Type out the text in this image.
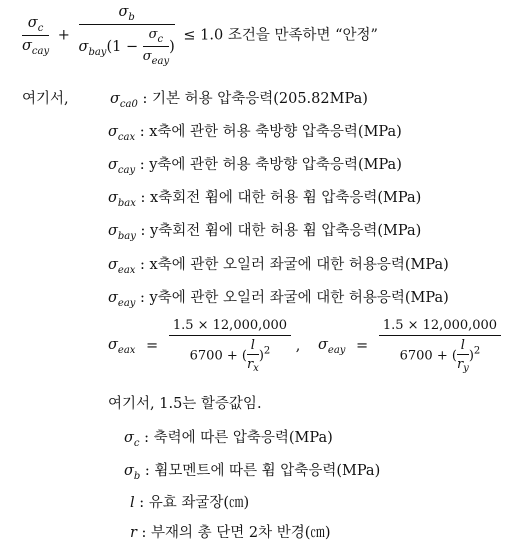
$\frac{\sigma_c}{\sigma_{cay}} + \frac{\sigma_b}{\sigma_{bay}(1 - \frac{\sigma_c}{\sigma_{eay}} )} \le 1.0$ 조건을 만족하면 “안정”
여기서,	$\sigma_{ca0}$ : 기본 허용 압축응력(205.82MPa)
$\sigma_{cax}$ : x축에 관한 허용 축방향 압축응력(MPa)
$\sigma_{cay}$ : y축에 관한 허용 축방향 압축응력(MPa)
$\sigma_{bax}$ : x축회전 휨에 대한 허용 휨 압축응력(MPa)
$\sigma_{bay}$ : y축회전 휨에 대한 허용 휨 압축응력(MPa)
$\sigma_{eax}$ : x축에 관한 오일러 좌굴에 대한 허용응력(MPa)
$\sigma_{eay}$ : y축에 관한 오일러 좌굴에 대한 허용응력(MPa)
$\sigma_{eax} = \frac{1.5 \times 12,000,000}{6700 + ( \frac{l}{r_x} )^2}$ , $\sigma_{eay} = \frac{1.5 \times 12,000,000}{6700 + ( \frac{l}{r_y} )^2}$
여기서, 1.5는 할증값임.
$\sigma_c$ : 축력에 따른 압축응력(MPa)
$\sigma_b$ : 휨모멘트에 따른 휨 압축응력(MPa)
l : 유효 좌굴장(㎝)
r : 부재의 총 단면 2차 반경(㎝)
